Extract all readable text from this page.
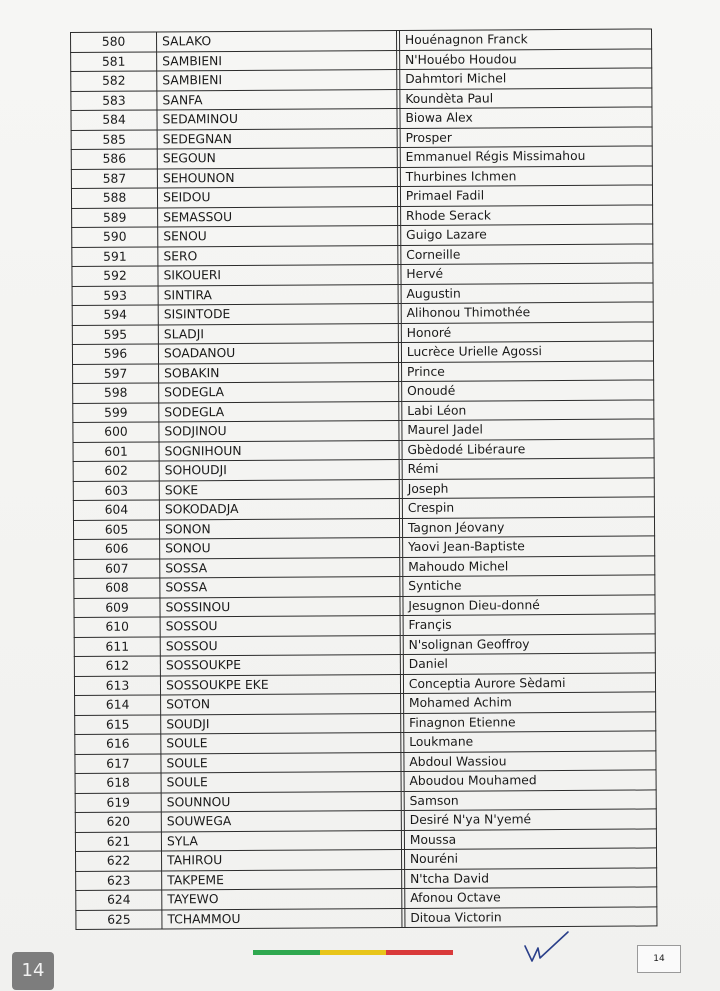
580	SALAKO		Houénagnon Franck
581	SAMBIENI		N'Houébo Houdou
582	SAMBIENI		Dahmtori Michel
583	SANFA		Koundèta Paul
584	SEDAMINOU		Biowa Alex
585	SEDEGNAN		Prosper
586	SEGOUN		Emmanuel Régis Missimahou
587	SEHOUNON		Thurbines Ichmen
588	SEIDOU		Primael Fadil
589	SEMASSOU		Rhode Serack
590	SENOU		Guigo Lazare
591	SERO		Corneille
592	SIKOUERI		Hervé
593	SINTIRA		Augustin
594	SISINTODE		Alihonou Thimothée
595	SLADJI		Honoré
596	SOADANOU		Lucrèce Urielle Agossi
597	SOBAKIN		Prince
598	SODEGLA		Onoudé
599	SODEGLA		Labi Léon
600	SODJINOU		Maurel Jadel
601	SOGNIHOUN		Gbèdodé Libéraure
602	SOHOUDJI		Rémi
603	SOKE		Joseph
604	SOKODADJA		Crespin
605	SONON		Tagnon Jéovany
606	SONOU		Yaovi Jean-Baptiste
607	SOSSA		Mahoudo Michel
608	SOSSA		Syntiche
609	SOSSINOU		Jesugnon Dieu-donné
610	SOSSOU		Françis
611	SOSSOU		N'solignan Geoffroy
612	SOSSOUKPE		Daniel
613	SOSSOUKPE EKE		Conceptia Aurore Sèdami
614	SOTON		Mohamed Achim
615	SOUDJI		Finagnon Etienne
616	SOULE		Loukmane
617	SOULE		Abdoul Wassiou
618	SOULE		Aboudou Mouhamed
619	SOUNNOU		Samson
620	SOUWEGA		Desiré N'ya N'yemé
621	SYLA		Moussa
622	TAHIROU		Nouréni
623	TAKPEME		N'tcha David
624	TAYEWO		Afonou Octave
625	TCHAMMOU		Ditoua Victorin
14
14
